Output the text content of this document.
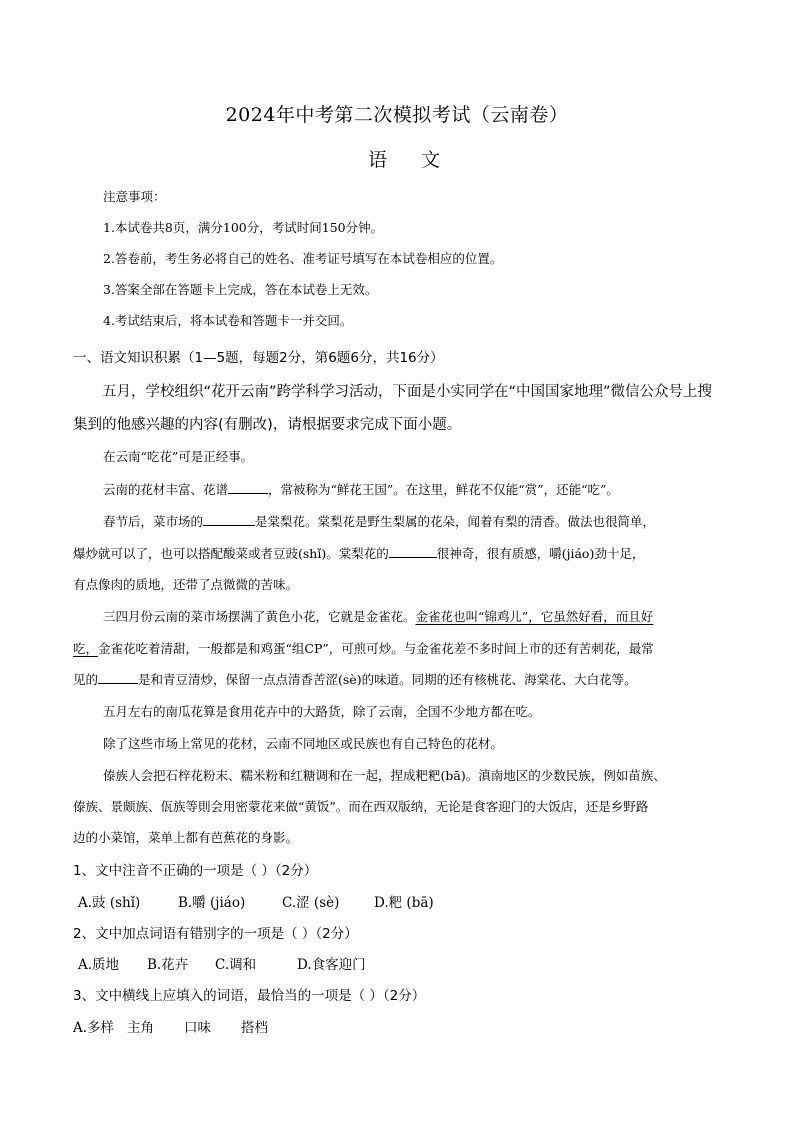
2024年中考第二次模拟考试（云南卷）
语 文
注意事项：
1.本试卷共8页，满分100分，考试时间150分钟。
2.答卷前，考生务必将自己的姓名、准考证号填写在本试卷相应的位置。
3.答案全部在答题卡上完成，答在本试卷上无效。
4.考试结束后，将本试卷和答题卡一并交回。
一、语文知识积累（1—5题，每题2分，第6题6分，共16分）
五月，学校组织“花开云南”跨学科学习活动，下面是小实同学在“中国国家地理”微信公众号上搜
集到的他感兴趣的内容(有删改)，请根据要求完成下面小题。
在云南“吃花”可是正经事。
云南的花材丰富、花谱	，常被称为“鲜花王国”。在这里，鲜花不仅能“赏”，还能“吃”。
春节后，菜市场的	是棠梨花。棠梨花是野生梨属的花朵，闻着有梨的清香。做法也很简单，
爆炒就可以了，也可以搭配酸菜或者豆豉(shǐ)。棠梨花的	很神奇，很有质感，嚼(jiáo)劲十足，
有点像肉的质地，还带了点微微的苦味。
三四月份云南的菜市场摆满了黄色小花，它就是金雀花。金雀花也叫“锦鸡儿”，它虽然好看，而且好
吃，金雀花吃着清甜，一般都是和鸡蛋“组CP”，可煎可炒。与金雀花差不多时间上市的还有苦刺花，最常
见的	是和青豆清炒，保留一点点清香苦涩(sè)的味道。同期的还有核桃花、海棠花、大白花等。
五月左右的南瓜花算是食用花卉中的大路货，除了云南，全国不少地方都在吃。
除了这些市场上常见的花材，云南不同地区或民族也有自己特色的花材。
傣族人会把石梓花粉末、糯米粉和红糖调和在一起，捏成粑粑(bā)。滇南地区的少数民族，例如苗族、
傣族、景颇族、佤族等則会用密蒙花来做“黄饭”。而在西双版纳，无论是食客迎门的大饭店，还是乡野路
边的小菜馆，菜单上都有芭蕉花的身影。
1、文中注音不正确的一项是（ ）（2分）
A.豉 (shǐ)	B.嚼 (jiáo)	C.涩 (sè)	D.粑 (bā)
2、文中加点词语有错别字的一项是（ ）（2分）
A.质地 B.花卉 C.调和	D.食客迎门
3、文中横线上应填入的词语，最恰当的一项是（ ）（2分）
A.多样 主角 口味 搭档
